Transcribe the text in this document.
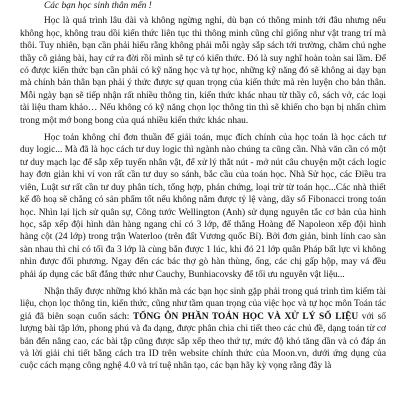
Các bạn học sinh thân mến !

Học là quá trình lâu dài và không ngừng nghỉ, dù bạn có thông minh tới đâu nhưng nếu không học, không trau dồi kiến thức liên tục thì thông minh cũng chỉ giống như vật trang trí mà thôi. Tuy nhiên, bạn cần phải hiểu rằng không phải mỗi ngày sắp sách tới trường, chăm chú nghe thầy cô giảng bài, hay cứ ra đời rồi mình sẽ tự có kiến thức. Đó là suy nghĩ hoàn toàn sai lầm. Để có được kiến thức bạn cần phải có kỹ năng học và tự học, những kỹ năng đó sẽ không ai dạy bạn mà chính bản thân bạn phải ý thức được sự quan trọng của kiến thức mà rèn luyện cho bản thân. Mỗi ngày bạn sẽ tiếp nhận rất nhiều thông tin, kiến thức khác nhau từ thầy cô, sách vở, các loại tài liệu tham khảo… Nếu không có kỹ năng chọn lọc thông tin thì sẽ khiến cho bạn bị nhấn chìm trong một mớ bong bong của quá nhiều kiến thức khác nhau.

Học toán không chỉ đơn thuần để giải toán, mục đích chính của học toán là học cách tư duy logic... Mà đã là học cách tư duy logic thì ngành nào chúng ta cũng cần. Nhà văn cần có một tư duy mạch lạc để sắp xếp tuyến nhân vật, để xử lý thắt nút - mở nút câu chuyện một cách logic hay đơn giản khi ví von rất cần tư duy so sánh, bắc cầu của toán học. Nhà Sử học, các Điều tra viên, Luật sư rất cần tư duy phân tích, tổng hợp, phán chứng, loại trừ từ toán học...Các nhà thiết kế đồ hoạ sẽ chẳng có sản phẩm tốt nếu không nắm được tỷ lệ vàng, dãy số Fibonacci trong toán học. Nhìn lại lịch sử quân sự, Công tước Wellington (Anh) sử dụng nguyên tắc cơ bản của hình học, sắp xếp đội hình dàn hàng ngang chỉ có 3 lớp, để thắng Hoàng đế Napoleon xếp đội hình hàng cột (24 lớp) trong trận Waterloo (trên đất Vương quốc Bỉ). Bởi đơn giản, binh lính cao sàn sàn nhau thì chỉ có tối đa 3 lớp là cùng bắn được 1 lúc, khi đó 21 lớp quân Pháp bất lực vì không nhìn được đối phương. Ngay đến các bác thợ gò hàn thùng, ống, các chị gấp hộp, may vá đều phải áp dụng các bất đẳng thức như Cauchy, Bunhiacovsky để tối ưu nguyên vật liệu...

Nhận thấy được những khó khăn mà các bạn học sinh gặp phải trong quá trình tìm kiếm tài liệu, chọn lọc thông tin, kiến thức, cũng như tầm quan trọng của việc học và tự học môn Toán tác giả đã biên soạn cuốn sách: TỔNG ÔN PHẦN TOÁN HỌC VÀ XỬ LÝ SỐ LIỆU với số lượng bài tập lớn, phong phú và đa dạng, được phân chia chi tiết theo các chủ đề, dạng toán từ cơ bản đến nâng cao, các bài tập cũng được sắp xếp theo thứ tự, mức độ khó tăng dần và có đáp án và lời giải chi tiết bằng cách tra ID trên website chính thức của Moon.vn, dưới ứng dụng của cuộc cách mạng công nghệ 4.0 và trí tuệ nhân tạo, các bạn hãy kỳ vọng rằng đây là
